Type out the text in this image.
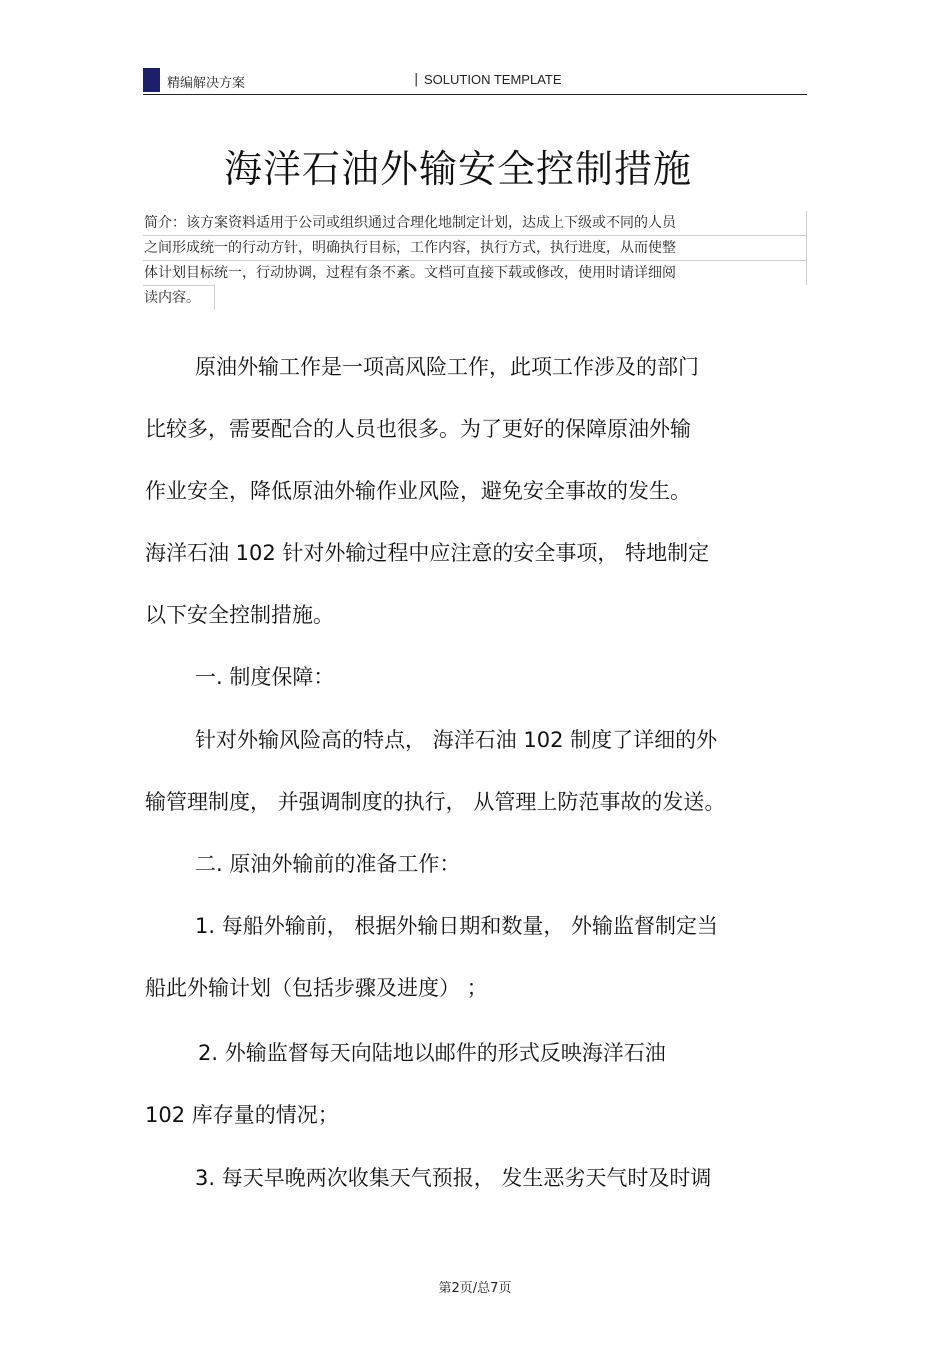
精编解决方案	| SOLUTION TEMPLATE
海洋石油外输安全控制措施
简介：该方案资料适用于公司或组织通过合理化地制定计划，达成上下级或不同的人员
之间形成统一的行动方针，明确执行目标，工作内容，执行方式，执行进度，从而使整
体计划目标统一，行动协调，过程有条不紊。文档可直接下载或修改，使用时请详细阅
读内容。
原油外输工作是一项高风险工作，此项工作涉及的部门
比较多，需要配合的人员也很多。为了更好的保障原油外输
作业安全，降低原油外输作业风险，避免安全事故的发生。
海洋石油 102 针对外输过程中应注意的安全事项， 特地制定
以下安全控制措施。
一. 制度保障：
针对外输风险高的特点， 海洋石油 102 制度了详细的外
输管理制度， 并强调制度的执行， 从管理上防范事故的发送。
二. 原油外输前的准备工作：
1. 每船外输前， 根据外输日期和数量， 外输监督制定当
船此外输计划（包括步骤及进度） ；
2. 外输监督每天向陆地以邮件的形式反映海洋石油
102 库存量的情况；
3. 每天早晚两次收集天气预报， 发生恶劣天气时及时调
第2页/总7页
